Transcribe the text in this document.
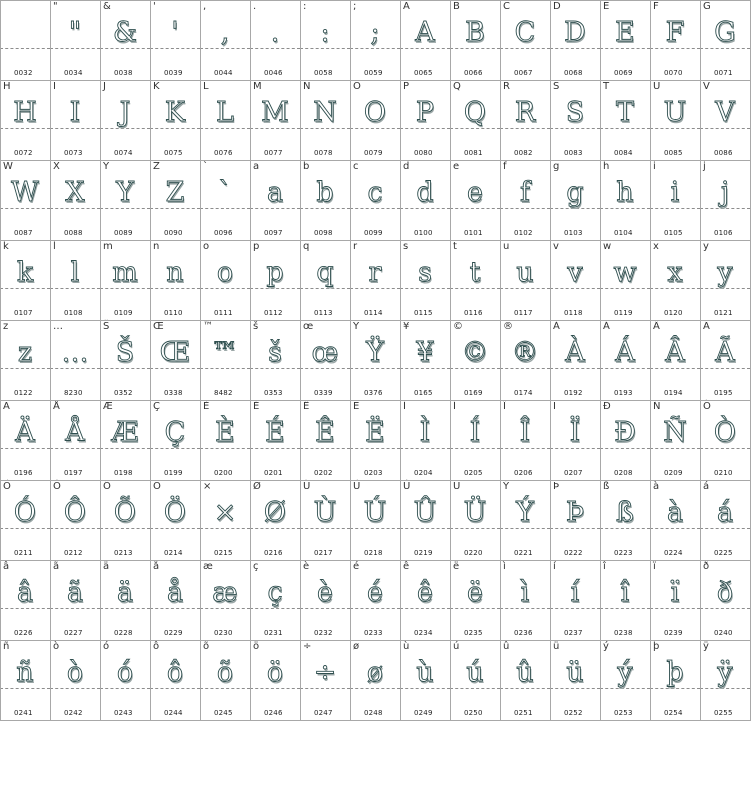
0032
"
"
0034
&
&
0038
'
'
0039
,
,
0044
.
.
0046
:
:
0058
;
;
0059
A
A
0065
B
B
0066
C
C
0067
D
D
0068
E
E
0069
F
F
0070
G
G
0071
H
H
0072
I
I
0073
J
J
0074
K
K
0075
L
L
0076
M
M
0077
N
N
0078
O
O
0079
P
P
0080
Q
Q
0081
R
R
0082
S
S
0083
T
T
0084
U
U
0085
V
V
0086
W
W
0087
X
X
0088
Y
Y
0089
Z
Z
0090
`
`
0096
a
a
0097
b
b
0098
c
c
0099
d
d
0100
e
e
0101
f
f
0102
g
g
0103
h
h
0104
i
i
0105
j
j
0106
k
k
0107
l
l
0108
m
m
0109
n
n
0110
o
o
0111
p
p
0112
q
q
0113
r
r
0114
s
s
0115
t
t
0116
u
u
0117
v
v
0118
w
w
0119
x
x
0120
y
y
0121
z
z
0122
…
…
8230
Š
Š
0352
Œ
Œ
0338
™
™
8482
š
š
0353
œ
œ
0339
Ÿ
Ÿ
0376
¥
¥
0165
©
©
0169
®
®
0174
À
À
0192
Á
Á
0193
Â
Â
0194
Ã
Ã
0195
Ä
Ä
0196
Å
Å
0197
Æ
Æ
0198
Ç
Ç
0199
È
È
0200
É
É
0201
Ê
Ê
0202
Ë
Ë
0203
Ì
Ì
0204
Í
Í
0205
Î
Î
0206
Ï
Ï
0207
Ð
Ð
0208
Ñ
Ñ
0209
Ò
Ò
0210
Ó
Ó
0211
Ô
Ô
0212
Õ
Õ
0213
Ö
Ö
0214
×
×
0215
Ø
Ø
0216
Ù
Ù
0217
Ú
Ú
0218
Û
Û
0219
Ü
Ü
0220
Ý
Ý
0221
Þ
Þ
0222
ß
ß
0223
à
à
0224
á
á
0225
â
â
0226
ã
ã
0227
ä
ä
0228
å
å
0229
æ
æ
0230
ç
ç
0231
è
è
0232
é
é
0233
ê
ê
0234
ë
ë
0235
ì
ì
0236
í
í
0237
î
î
0238
ï
ï
0239
ð
ð
0240
ñ
ñ
0241
ò
ò
0242
ó
ó
0243
ô
ô
0244
õ
õ
0245
ö
ö
0246
÷
÷
0247
ø
ø
0248
ù
ù
0249
ú
ú
0250
û
û
0251
ü
ü
0252
ý
ý
0253
þ
þ
0254
ÿ
ÿ
0255
